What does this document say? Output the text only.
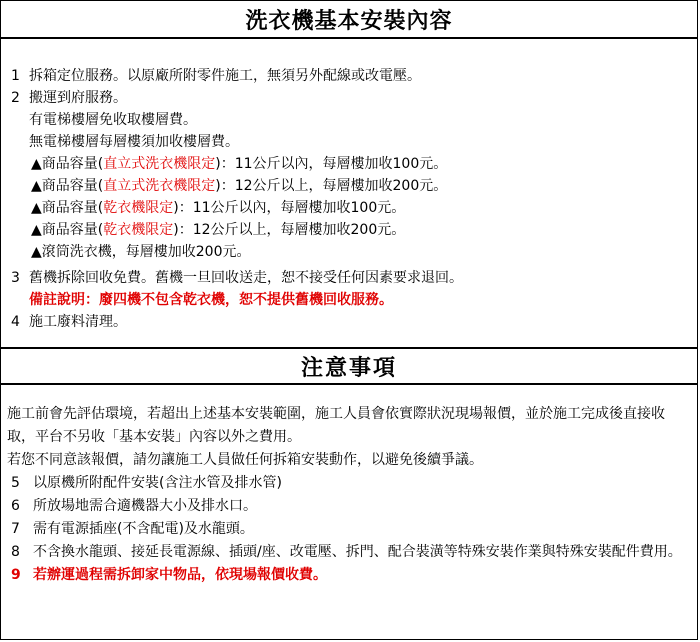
洗衣機基本安裝內容
1 拆箱定位服務。以原廠所附零件施工，無須另外配線或改電壓。
2 搬運到府服務。
有電梯樓層免收取樓層費。
無電梯樓層每層樓須加收樓層費。
▲商品容量( 直立式洗衣機限定 )：11公斤以內，每層樓加收100元。
▲商品容量( 直立式洗衣機限定 )：12公斤以上，每層樓加收200元。
▲商品容量( 乾衣機限定 )：11公斤以內，每層樓加收100元。
▲商品容量( 乾衣機限定 )：12公斤以上，每層樓加收200元。
▲滾筒洗衣機，每層樓加收200元。
3 舊機拆除回收免費。舊機一旦回收送走，恕不接受任何因素要求退回。
備註說明：廢四機不包含乾衣機，恕不提供舊機回收服務。
4 施工廢料清理。
注意事項
施工前會先評估環境，若超出上述基本安裝範圍，施工人員會依實際狀況現場報價，並於施工完成後直接收取，平台不另收「基本安裝」內容以外之費用。
若您不同意該報價，請勿讓施工人員做任何拆箱安裝動作，以避免後續爭議。
5 以原機所附配件安裝(含注水管及排水管)
6 所放場地需合適機器大小及排水口。
7 需有電源插座(不含配電)及水龍頭。
8 不含換水龍頭、接延長電源線、插頭/座、改電壓、拆門、配合裝潢等特殊安裝作業與特殊安裝配件費用。
9 若辦運過程需拆卸家中物品，依現場報價收費。
